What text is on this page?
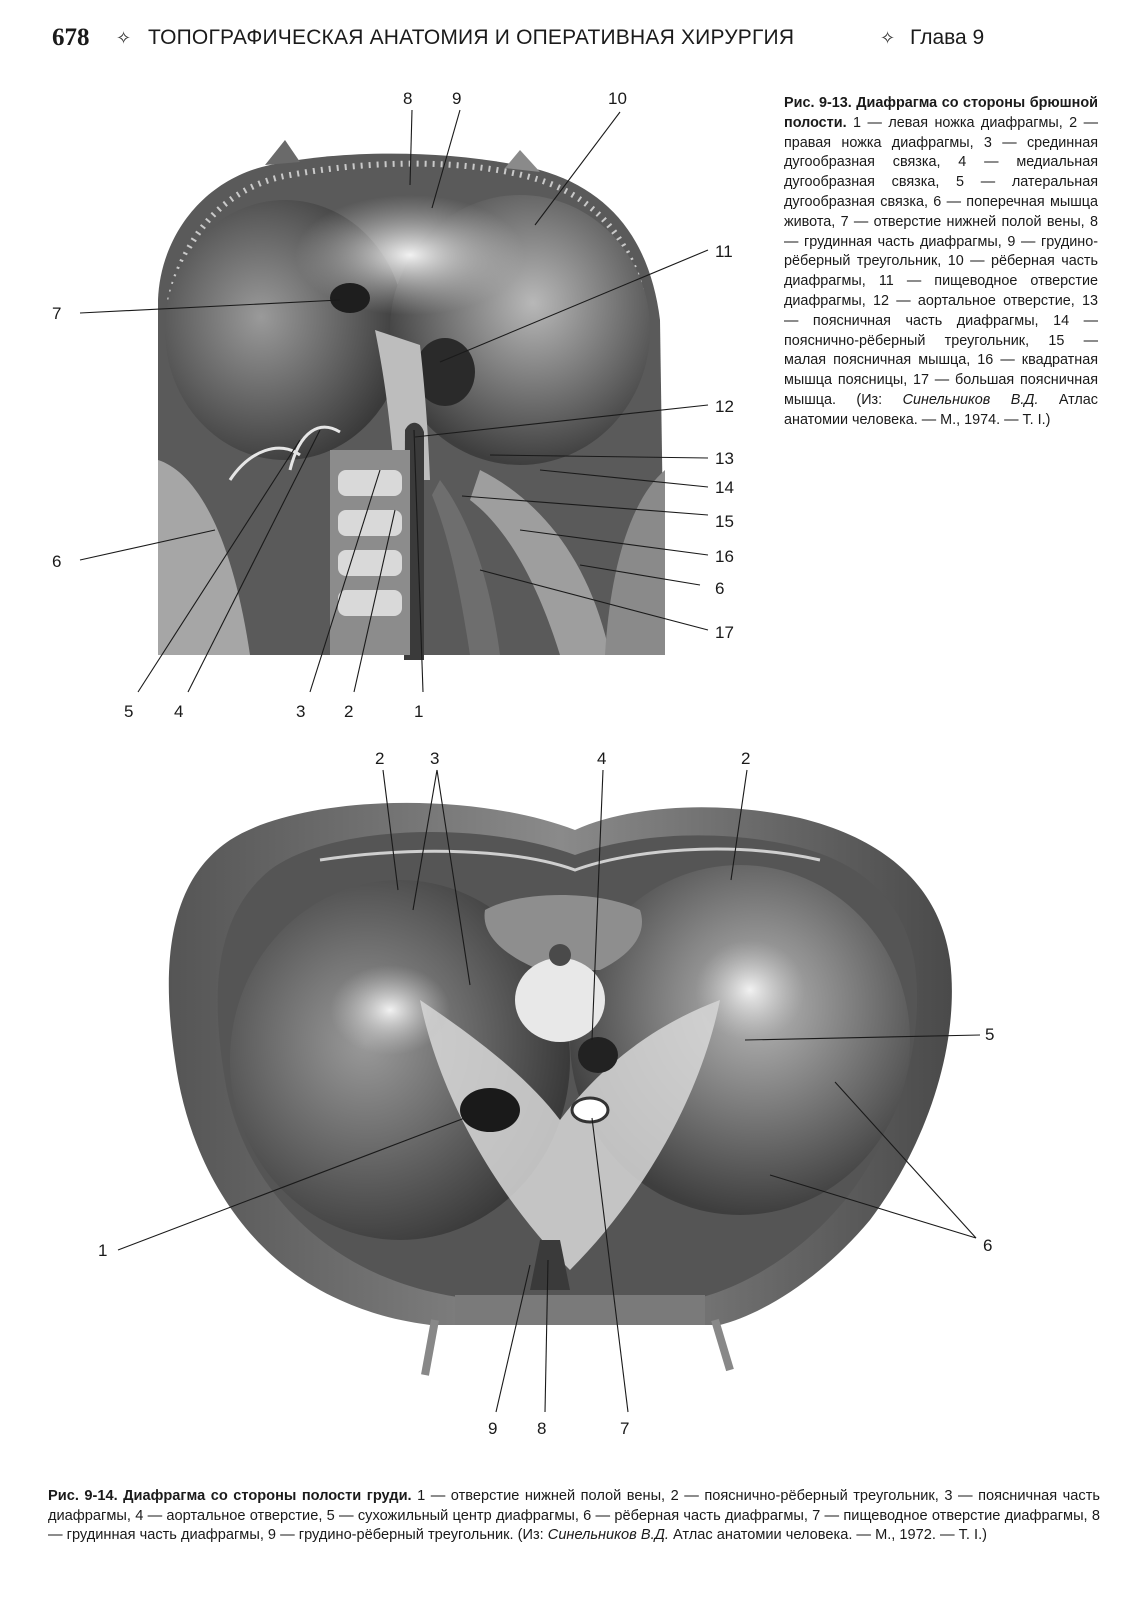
678 ✧ ТОПОГРАФИЧЕСКАЯ АНАТОМИЯ И ОПЕРАТИВНАЯ ХИРУРГИЯ	✧ Глава 9
8 9	10
11
7
12
13
14
15
16
6
17
6
5 4	3 2	1
2	3	4	2
5
6
1
9 8	7
Рис. 9-13. Диафрагма со стороны брюшной полости. 1 — левая ножка диафрагмы, 2 — правая ножка диафрагмы, 3 — срединная дугообразная связка, 4 — медиальная дугообразная связка, 5 — латеральная дугообразная связка, 6 — поперечная мышца живота, 7 — отверстие нижней полой вены, 8 — грудинная часть диафрагмы, 9 — грудино-рёберный треугольник, 10 — рёберная часть диафрагмы, 11 — пищеводное отверстие диафрагмы, 12 — аортальное отверстие, 13 — поясничная часть диафрагмы, 14 — пояснично-рёберный треугольник, 15 — малая поясничная мышца, 16 — квадратная мышца поясницы, 17 — большая поясничная мышца. (Из: Синельников В.Д. Атлас анатомии человека. — М., 1974. — Т. I.)
Рис. 9-14. Диафрагма со стороны полости груди. 1 — отверстие нижней полой вены, 2 — пояснично-рёберный треугольник, 3 — поясничная часть диафрагмы, 4 — аортальное отверстие, 5 — сухожильный центр диафрагмы, 6 — рёберная часть диафрагмы, 7 — пищеводное отверстие диафрагмы, 8 — грудинная часть диафрагмы, 9 — грудино-рёберный треугольник. (Из: Синельников В.Д. Атлас анатомии человека. — М., 1972. — Т. I.)
